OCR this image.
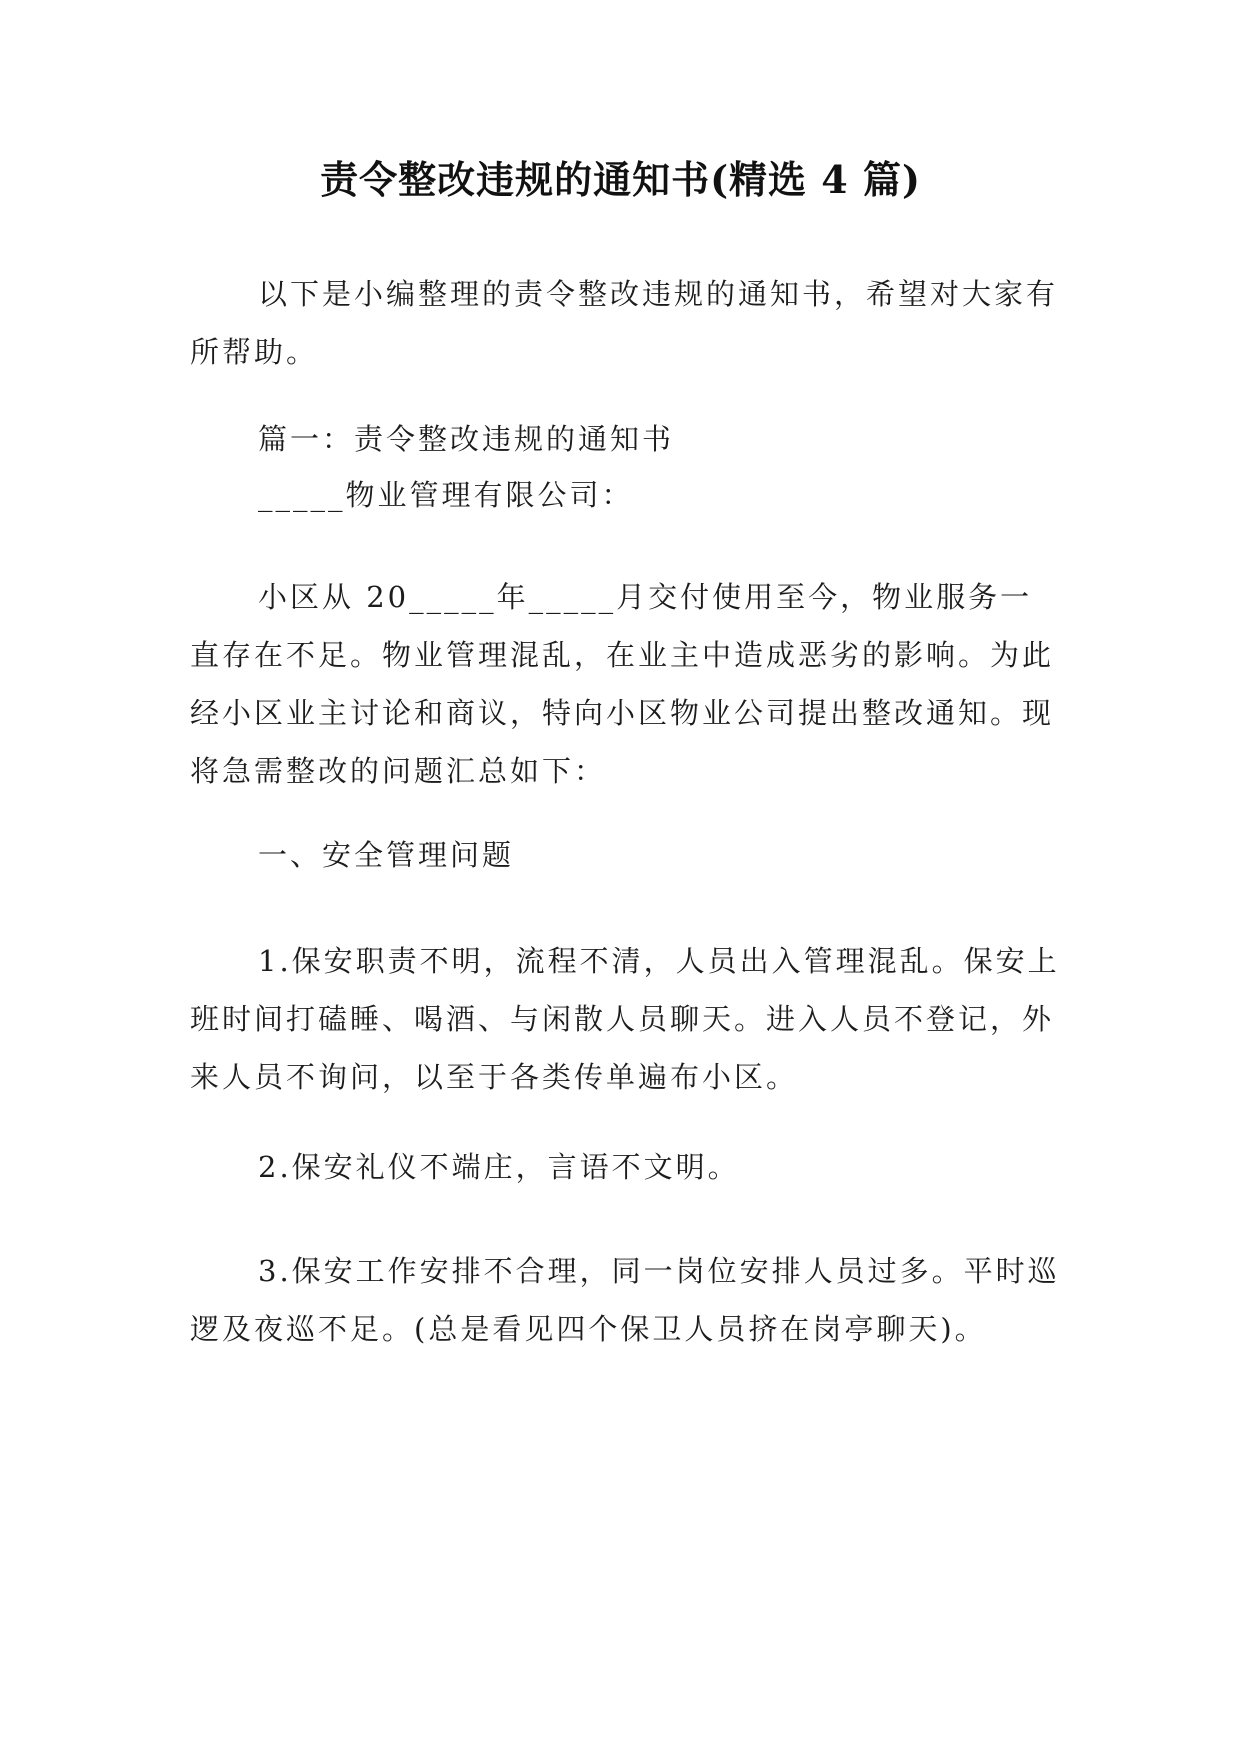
责令整改违规的通知书(精选 4 篇)

以下是小编整理的责令整改违规的通知书，希望对大家有所帮助。

篇一：责令整改违规的通知书

_____物业管理有限公司：

小区从 20_____年_____月交付使用至今，物业服务一直存在不足。物业管理混乱，在业主中造成恶劣的影响。为此经小区业主讨论和商议，特向小区物业公司提出整改通知。现将急需整改的问题汇总如下：

一、安全管理问题

1.保安职责不明，流程不清，人员出入管理混乱。保安上班时间打磕睡、喝酒、与闲散人员聊天。进入人员不登记，外来人员不询问，以至于各类传单遍布小区。

2.保安礼仪不端庄，言语不文明。

3.保安工作安排不合理，同一岗位安排人员过多。平时巡逻及夜巡不足。(总是看见四个保卫人员挤在岗亭聊天)。
